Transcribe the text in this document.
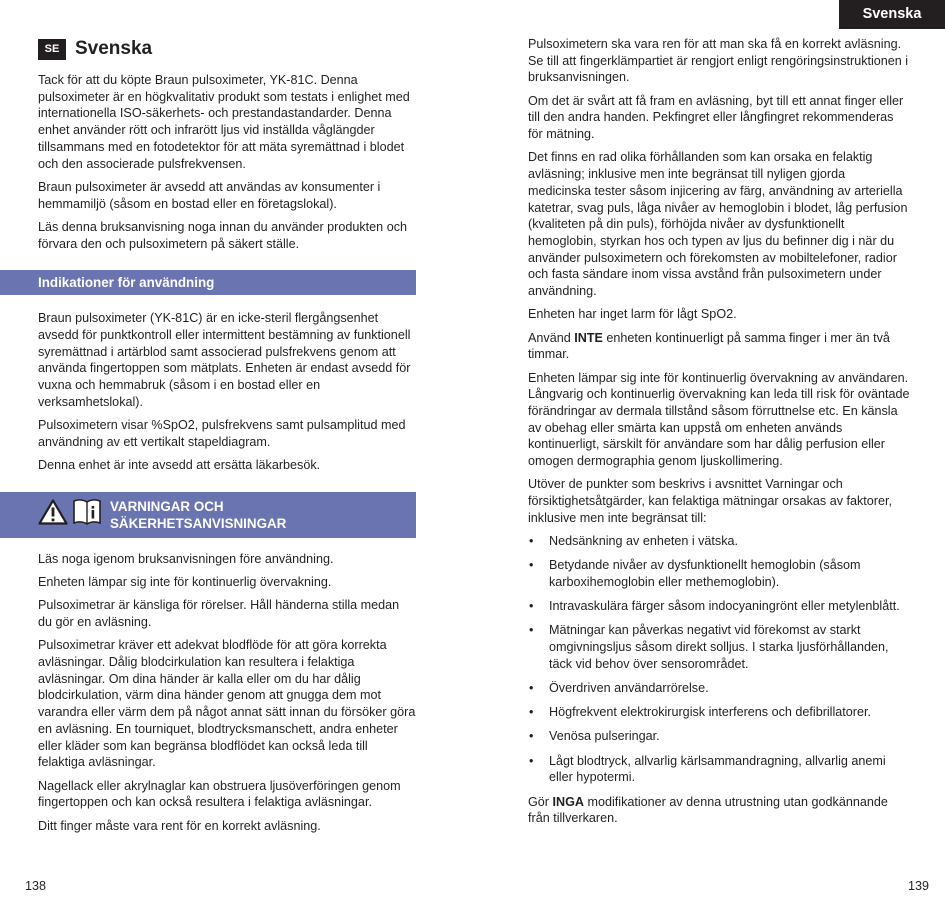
Svenska
SE Svenska

Tack för att du köpte Braun pulsoximeter, YK-81C. Denna pulsoximeter är en högkvalitativ produkt som testats i enlighet med internationella ISO-säkerhets- och prestandastandarder. Denna enhet använder rött och infrarött ljus vid inställda våglängder tillsammans med en fotodetektor för att mäta syremättnad i blodet och den associerade pulsfrekvensen.

Braun pulsoximeter är avsedd att användas av konsumenter i hemmamiljö (såsom en bostad eller en företagslokal).

Läs denna bruksanvisning noga innan du använder produkten och förvara den och pulsoximetern på säkert ställe.

Indikationer för användning

Braun pulsoximeter (YK-81C) är en icke-steril flergångsenhet avsedd för punktkontroll eller intermittent bestämning av funktionell syremättnad i artärblod samt associerad pulsfrekvens genom att använda fingertoppen som mätplats. Enheten är endast avsedd för vuxna och hemmabruk (såsom i en bostad eller en verksamhetslokal).

Pulsoximetern visar %SpO2, pulsfrekvens samt pulsamplitud med användning av ett vertikalt stapeldiagram.

Denna enhet är inte avsedd att ersätta läkarbesök.

VARNINGAR OCH
SÄKERHETSANVISNINGAR

Läs noga igenom bruksanvisningen före användning.

Enheten lämpar sig inte för kontinuerlig övervakning.

Pulsoximetrar är känsliga för rörelser. Håll händerna stilla medan du gör en avläsning.

Pulsoximetrar kräver ett adekvat blodflöde för att göra korrekta avläsningar. Dålig blodcirkulation kan resultera i felaktiga avläsningar. Om dina händer är kalla eller om du har dålig blodcirkulation, värm dina händer genom att gnugga dem mot varandra eller värm dem på något annat sätt innan du försöker göra en avläsning. En tourniquet, blodtrycksmanschett, andra enheter eller kläder som kan begränsa blodflödet kan också leda till felaktiga avläsningar.

Nagellack eller akrylnaglar kan obstruera ljusöverföringen genom fingertoppen och kan också resultera i felaktiga avläsningar.

Ditt finger måste vara rent för en korrekt avläsning.

Pulsoximetern ska vara ren för att man ska få en korrekt avläsning. Se till att fingerklämpartiet är rengjort enligt rengöringsinstruktionen i bruksanvisningen.

Om det är svårt att få fram en avläsning, byt till ett annat finger eller till den andra handen. Pekfingret eller långfingret rekommenderas för mätning.

Det finns en rad olika förhållanden som kan orsaka en felaktig avläsning; inklusive men inte begränsat till nyligen gjorda medicinska tester såsom injicering av färg, användning av arteriella katetrar, svag puls, låga nivåer av hemoglobin i blodet, låg perfusion (kvaliteten på din puls), förhöjda nivåer av dysfunktionellt hemoglobin, styrkan hos och typen av ljus du befinner dig i när du använder pulsoximetern och förekomsten av mobiltelefoner, radior och fasta sändare inom vissa avstånd från pulsoximetern under användning.

Enheten har inget larm för lågt SpO2.

Använd INTE enheten kontinuerligt på samma finger i mer än två timmar.

Enheten lämpar sig inte för kontinuerlig övervakning av användaren. Långvarig och kontinuerlig övervakning kan leda till risk för oväntade förändringar av dermala tillstånd såsom förruttnelse etc. En känsla av obehag eller smärta kan uppstå om enheten används kontinuerligt, särskilt för användare som har dålig perfusion eller omogen dermographia genom ljuskollimering.

Utöver de punkter som beskrivs i avsnittet Varningar och försiktighetsåtgärder, kan felaktiga mätningar orsakas av faktorer, inklusive men inte begränsat till:

• Nedsänkning av enheten i vätska.
• Betydande nivåer av dysfunktionellt hemoglobin (såsom karboxihemoglobin eller methemoglobin).
• Intravaskulära färger såsom indocyaningrönt eller metylenblått.
• Mätningar kan påverkas negativt vid förekomst av starkt omgivningsljus såsom direkt solljus. I starka ljusförhållanden, täck vid behov över sensorområdet.
• Överdriven användarrörelse.
• Högfrekvent elektrokirurgisk interferens och defibrillatorer.
• Venösa pulseringar.
• Lågt blodtryck, allvarlig kärlsammandragning, allvarlig anemi eller hypotermi.

Gör INGA modifikationer av denna utrustning utan godkännande från tillverkaren.

138	139
